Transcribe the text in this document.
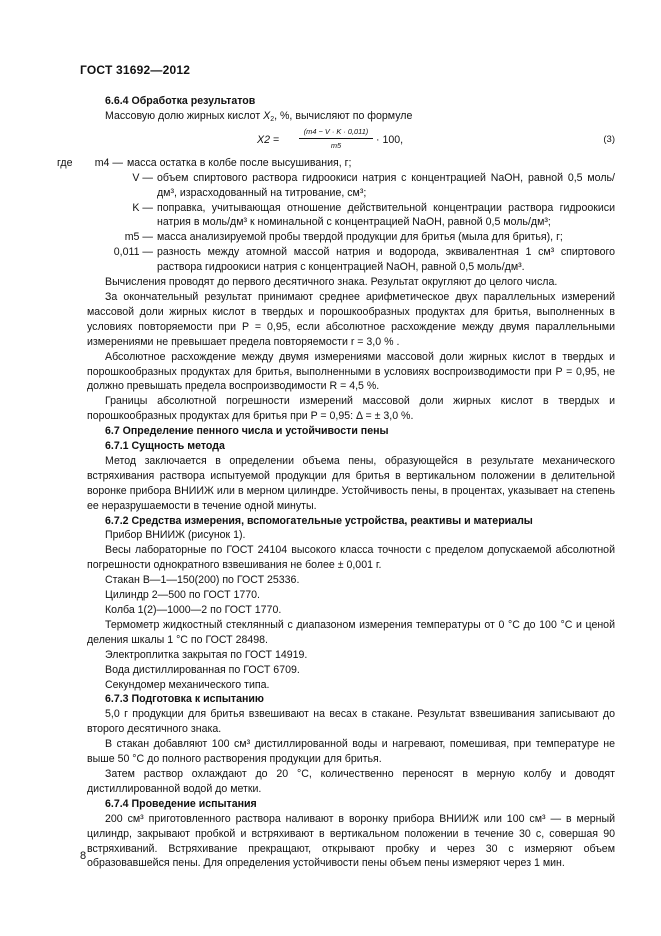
ГОСТ 31692—2012

6.6.4 Обработка результатов

Массовую долю жирных кислот $X_2$, %, вычисляют по формуле

X2 =
(m4 − V · K · 0,011)
m5	· 100,	(3)
где	m4 — масса остатка в колбе после высушивания, г;
V — объем спиртового раствора гидроокиси натрия с концентрацией NaOH, равной 0,5 моль/дм³, израсходованный на титрование, см³;
K — поправка, учитывающая отношение действительной концентрации раствора гидроокиси натрия в моль/дм³ к номинальной с концентрацией NaOH, равной 0,5 моль/дм³;
m5 — масса анализируемой пробы твердой продукции для бритья (мыла для бритья), г;
0,011 — разность между атомной массой натрия и водорода, эквивалентная 1 см³ спиртового раствора гидроокиси натрия с концентрацией NaOH, равной 0,5 моль/дм³.

Вычисления проводят до первого десятичного знака. Результат округляют до целого числа.

За окончательный результат принимают среднее арифметическое двух параллельных измерений массовой доли жирных кислот в твердых и порошкообразных продуктах для бритья, выполненных в условиях повторяемости при P = 0,95, если абсолютное расхождение между двумя параллельными измерениями не превышает предела повторяемости r = 3,0 % .

Абсолютное расхождение между двумя измерениями массовой доли жирных кислот в твердых и порошкообразных продуктах для бритья, выполненными в условиях воспроизводимости при P = 0,95, не должно превышать предела воспроизводимости R = 4,5 %.

Границы абсолютной погрешности измерений массовой доли жирных кислот в твердых и порошкообразных продуктах для бритья при P = 0,95: Δ = ± 3,0 %.

6.7 Определение пенного числа и устойчивости пены

6.7.1 Сущность метода

Метод заключается в определении объема пены, образующейся в результате механического встряхивания раствора испытуемой продукции для бритья в вертикальном положении в делительной воронке прибора ВНИИЖ или в мерном цилиндре. Устойчивость пены, в процентах, указывает на степень ее неразрушаемости в течение одной минуты.

6.7.2 Средства измерения, вспомогательные устройства, реактивы и материалы

Прибор ВНИИЖ (рисунок 1).

Весы лабораторные по ГОСТ 24104 высокого класса точности с пределом допускаемой абсолютной погрешности однократного взвешивания не более ± 0,001 г.

Стакан В—1—150(200) по ГОСТ 25336.

Цилиндр 2—500 по ГОСТ 1770.

Колба 1(2)—1000—2 по ГОСТ 1770.

Термометр жидкостный стеклянный с диапазоном измерения температуры от 0 °C до 100 °C и ценой деления шкалы 1 °C по ГОСТ 28498.

Электроплитка закрытая по ГОСТ 14919.

Вода дистиллированная по ГОСТ 6709.

Секундомер механического типа.

6.7.3 Подготовка к испытанию

5,0 г продукции для бритья взвешивают на весах в стакане. Результат взвешивания записывают до второго десятичного знака.

В стакан добавляют 100 см³ дистиллированной воды и нагревают, помешивая, при температуре не выше 50 °C до полного растворения продукции для бритья.

Затем раствор охлаждают до 20 °C, количественно переносят в мерную колбу и доводят дистиллированной водой до метки.

6.7.4 Проведение испытания

200 см³ приготовленного раствора наливают в воронку прибора ВНИИЖ или 100 см³ — в мерный цилиндр, закрывают пробкой и встряхивают в вертикальном положении в течение 30 с, совершая 90 встряхиваний. Встряхивание прекращают, открывают пробку и через 30 с измеряют объем образовавшейся пены. Для определения устойчивости пены объем пены измеряют через 1 мин.

8
